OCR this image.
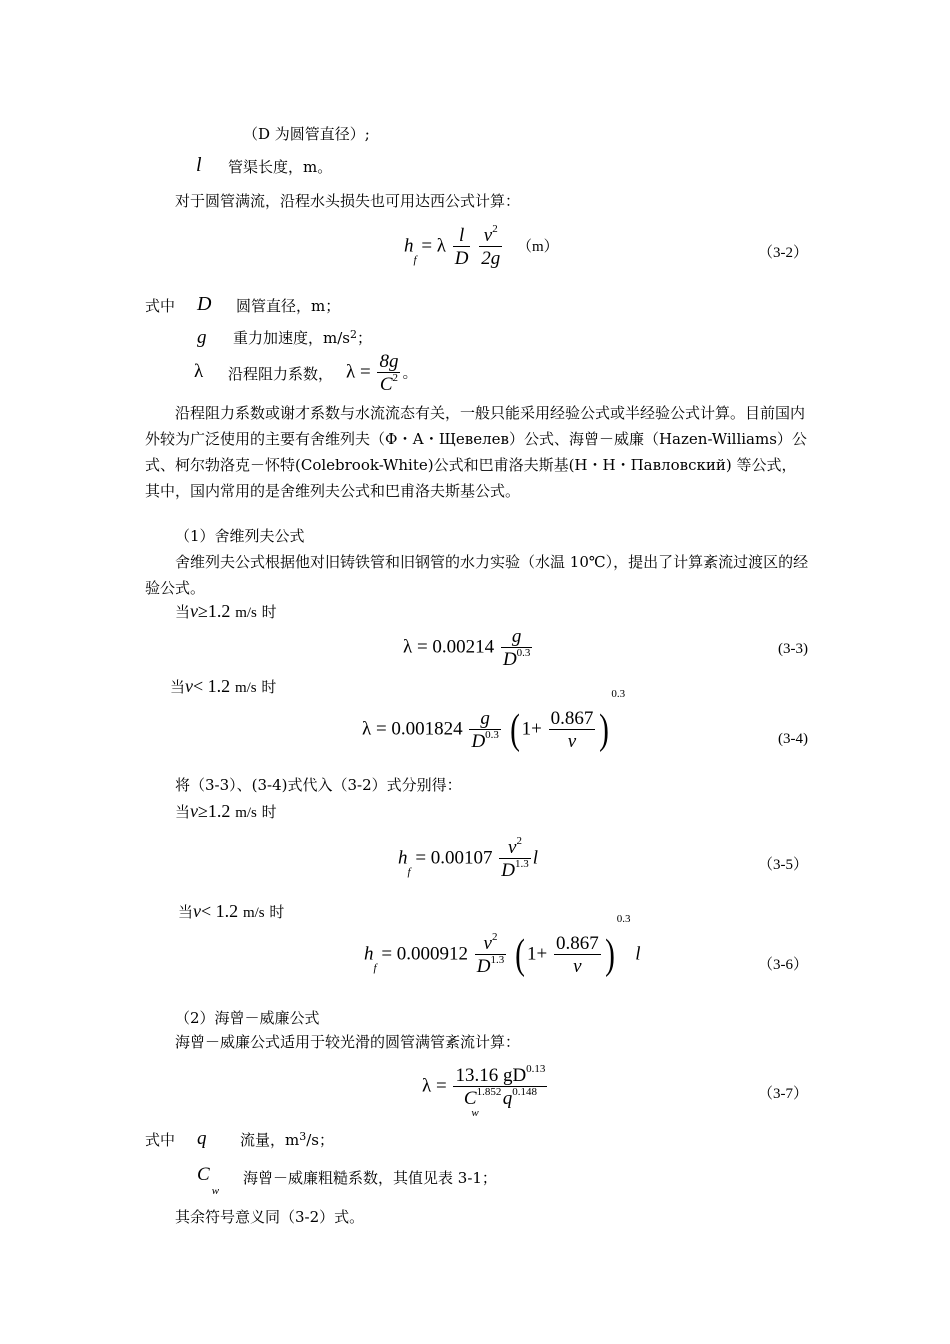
（D 为圆管直径）;
l 管渠长度，m。
对于圆管满流，沿程水头损失也可用达西公式计算：
$h_f = \lambda \frac{l}{D}$
$\frac{v^2}{2g} (m)$	（3-2）
式中 D 圆管直径，m；
g 重力加速度，$m/s^2$；
λ 沿程阻力系数， $\lambda = \frac{8g}{C^2}$ 。
沿程阻力系数或谢才系数与水流流态有关，一般只能采用经验公式或半经验公式计算。目前国内外较为广泛使用的主要有舍维列夫（Ф・А・Щевелев）公式、海曾－威廉（Hazen-Williams）公式、柯尔勃洛克－怀特(Colebrook-White)公式和巴甫洛夫斯基(Н・Н・Павловский) 等公式，其中，国内常用的是舍维列夫公式和巴甫洛夫斯基公式。
（1）舍维列夫公式
舍维列夫公式根据他对旧铸铁管和旧钢管的水力实验（水温 10℃），提出了计算紊流过渡区的经验公式。
当v≥1.2 m/s 时
$\lambda = 0.00214 \frac{g}{D^{0.3}}$	(3-3)
当v< 1.2 m/s 时
$\lambda = 0.001824 \frac{g}{D^{0.3}}$ ( $1+ \frac{0.867}{v} )^{0.3}$
(3-4)
将（3-3）、(3-4)式代入（3-2）式分别得：
当v≥1.2 m/s 时
$h_f = 0.00107 \frac{v^2}{D^{1.3}}$ l	（3-5）
当v< 1.2 m/s 时
$h_f = 0.000912 \frac{v^2}{D^{1.3}}$ ( $1+ \frac{0.867}{v} )^{0.3}$ l
（3-6）
（2）海曾－威廉公式
海曾－威廉公式适用于较光滑的圆管满管紊流计算：
$\lambda = \frac{13.16 gD^{0.13}}{C^{1.852}_wq^{0.148}}$	（3-7）
式中 q 流量，$m^3/s$；
$C_w$
海曾－威廉粗糙系数，其值见表 3-1；
其余符号意义同（3-2）式。
